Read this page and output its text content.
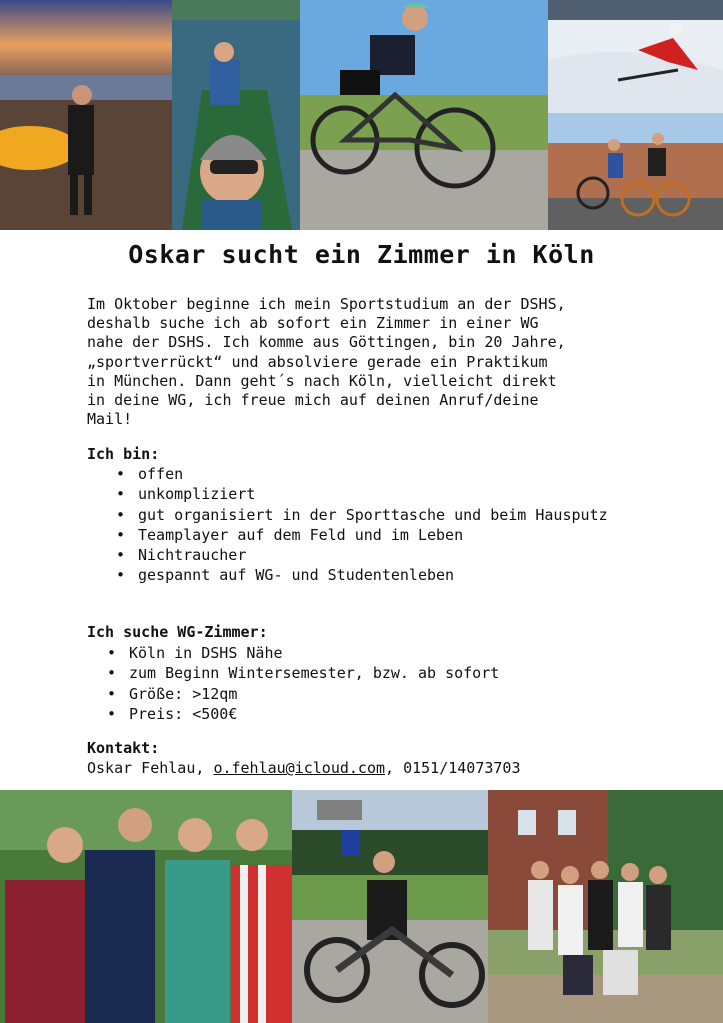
Oskar sucht ein Zimmer in Köln
Im Oktober beginne ich mein Sportstudium an der DSHS,
deshalb suche ich ab sofort ein Zimmer in einer WG
nahe der DSHS. Ich komme aus Göttingen, bin 20 Jahre,
„sportverrückt“ und absolviere gerade ein Praktikum
in München. Dann geht´s nach Köln, vielleicht direkt
in deine WG, ich freue mich auf deinen Anruf/deine
Mail!
Ich bin:
• offen
• unkompliziert
• gut organisiert in der Sporttasche und beim Hausputz
• Teamplayer auf dem Feld und im Leben
• Nichtraucher
• gespannt auf WG- und Studentenleben
Ich suche WG-Zimmer:
• Köln in DSHS Nähe
• zum Beginn Wintersemester, bzw. ab sofort
• Größe: >12qm
• Preis: <500€
Kontakt:
Oskar Fehlau, o.fehlau@icloud.com, 0151/14073703
